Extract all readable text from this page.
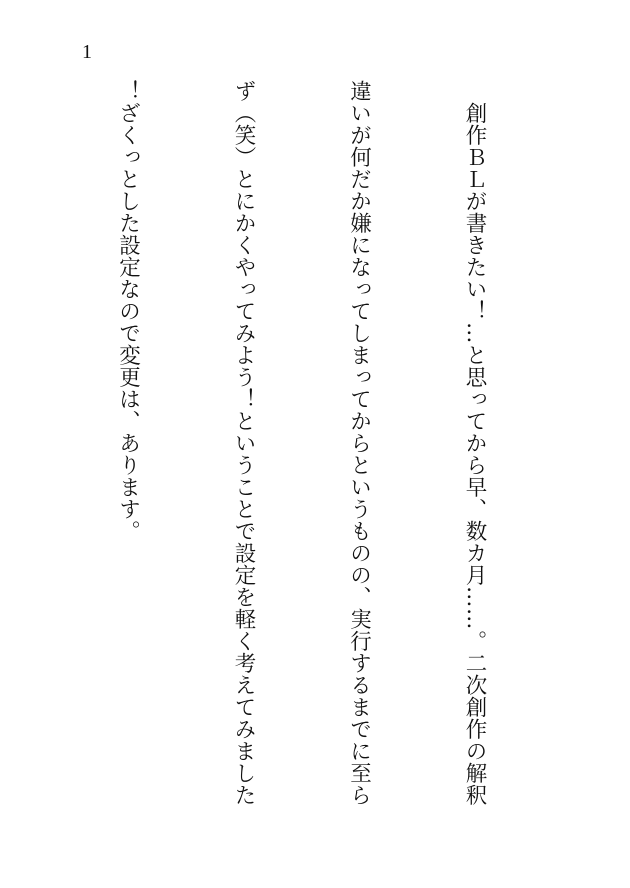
1

　創作ＢＬが書きたい！…と思ってから早、数カ月……。二次創作の解釈

違いが何だか嫌になってしまってからというものの、実行するまでに至ら

ず（笑）とにかくやってみよう！ということで設定を軽く考えてみました

！ざくっとした設定なので変更は、あります。
